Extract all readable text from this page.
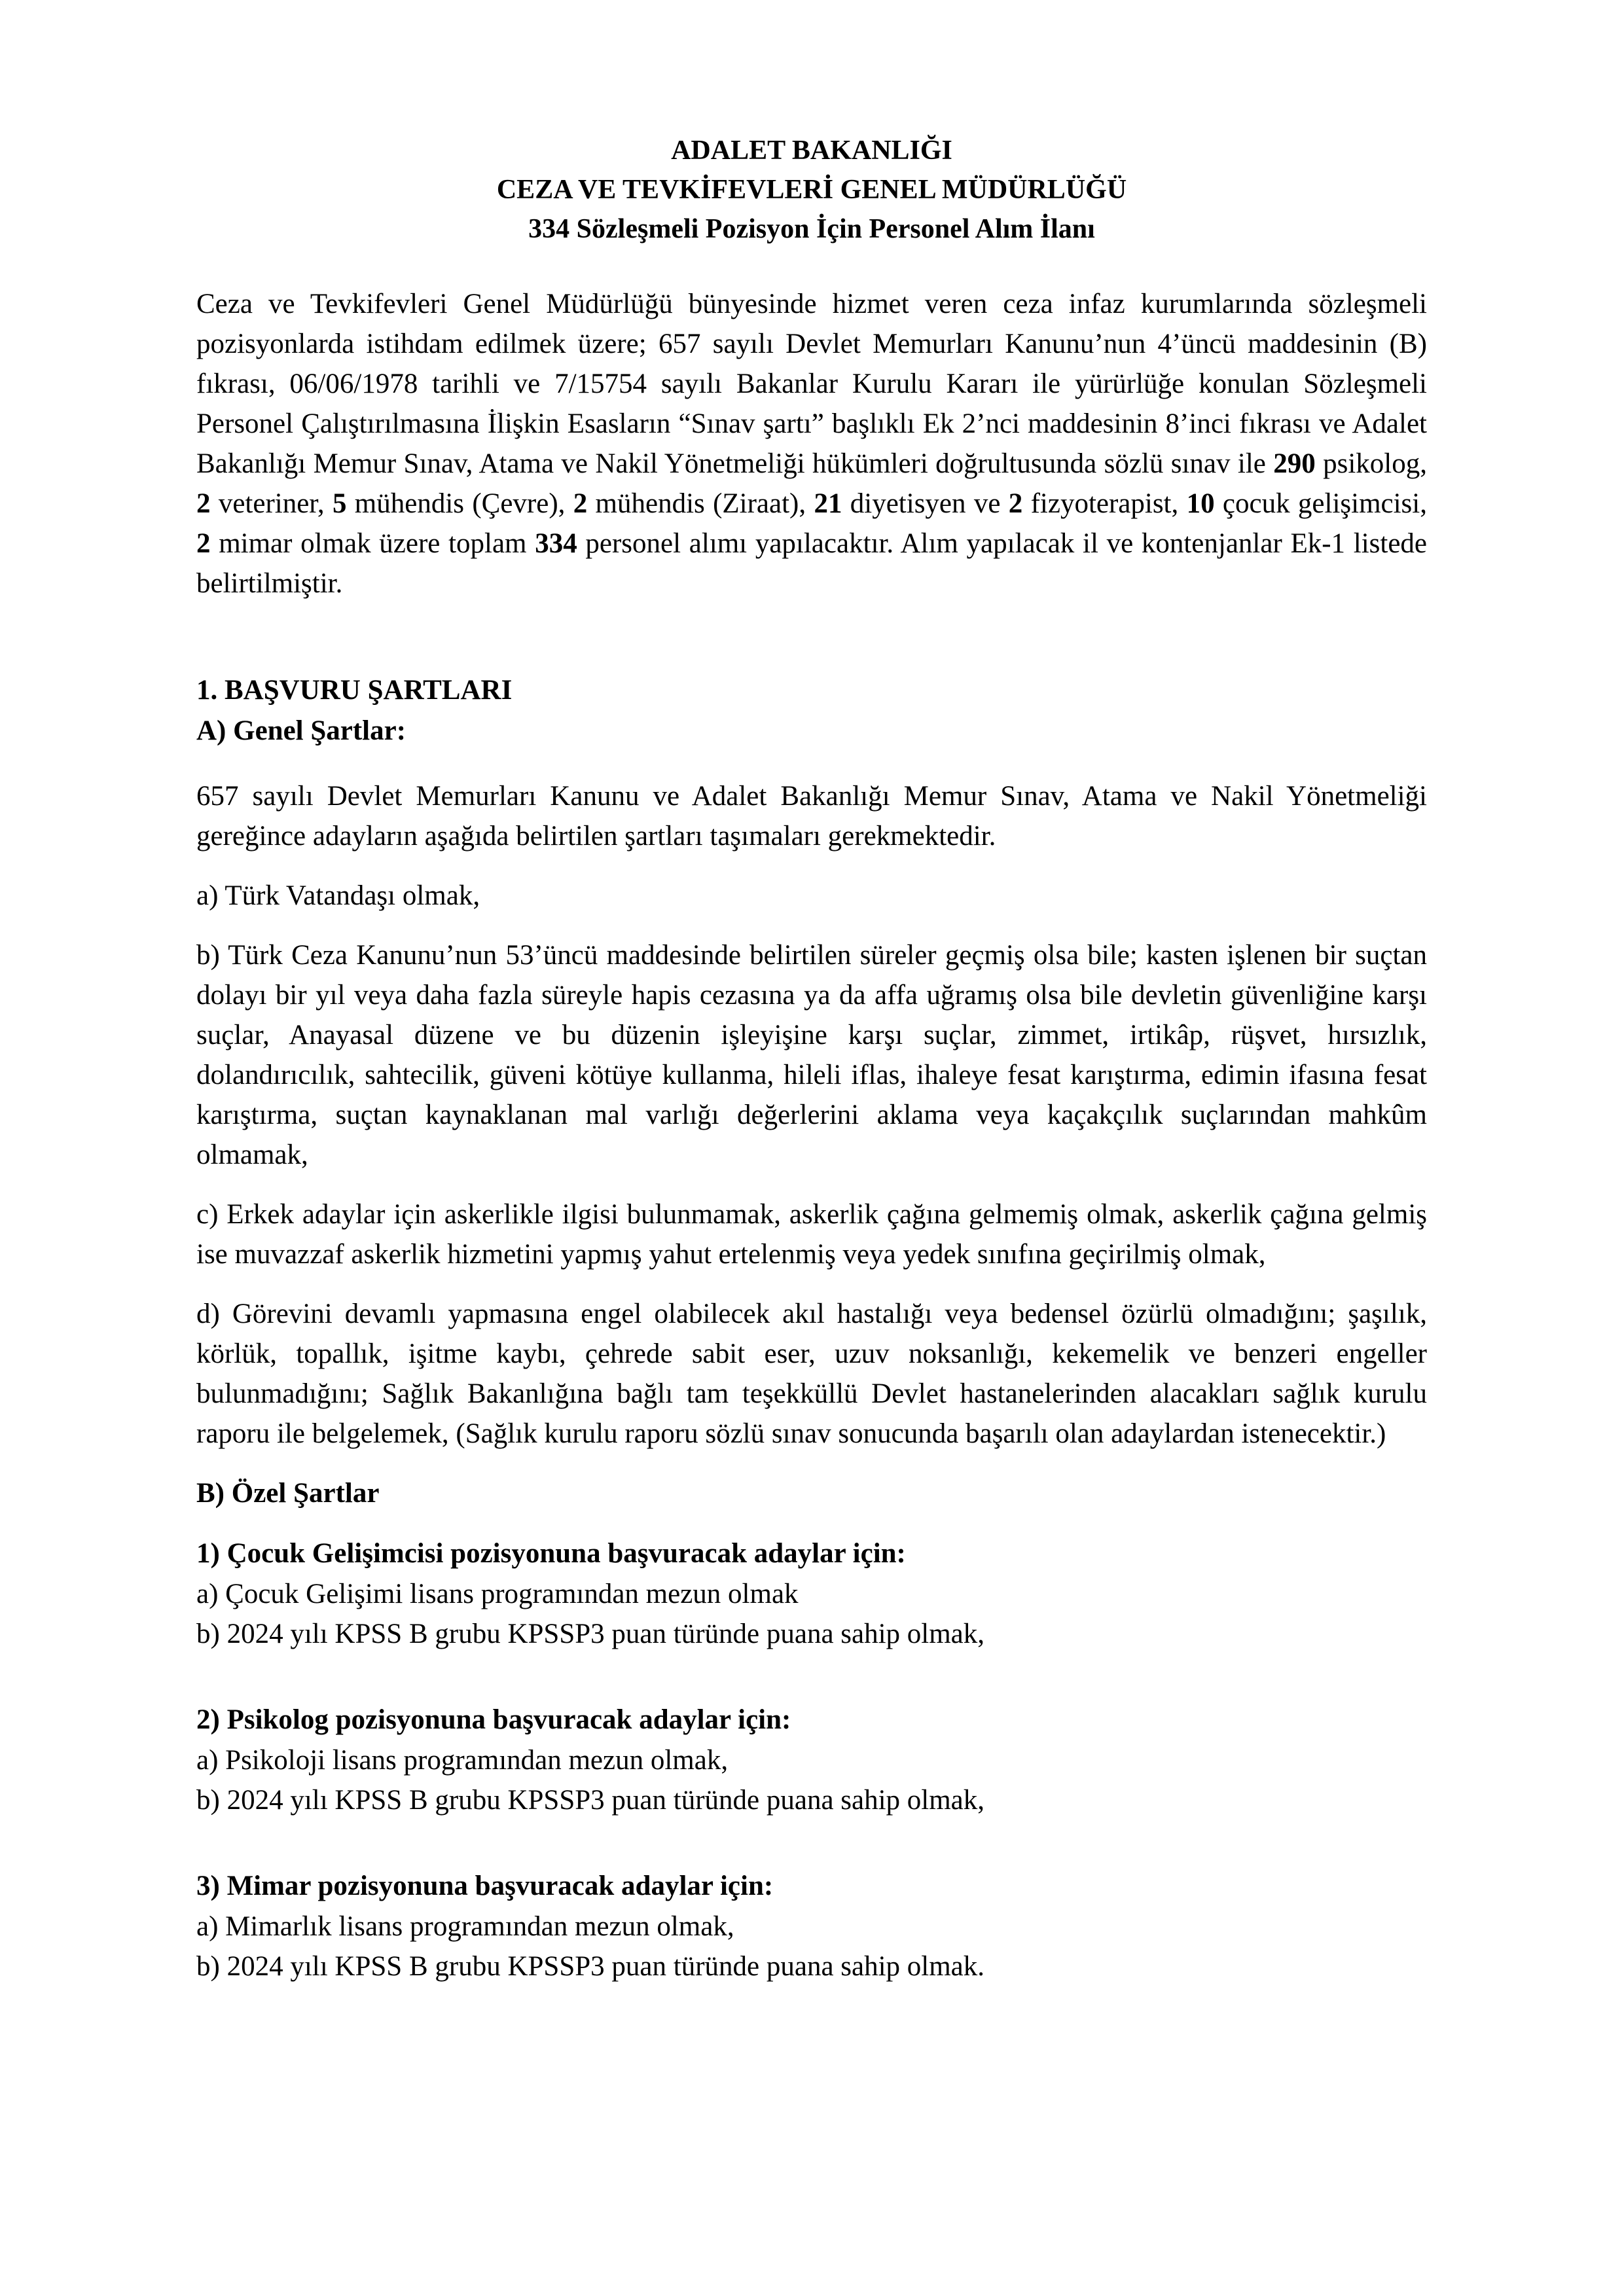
ADALET BAKANLIĞI

CEZA VE TEVKİFEVLERİ GENEL MÜDÜRLÜĞÜ

334 Sözleşmeli Pozisyon İçin Personel Alım İlanı

Ceza ve Tevkifevleri Genel Müdürlüğü bünyesinde hizmet veren ceza infaz kurumlarında sözleşmeli pozisyonlarda istihdam edilmek üzere; 657 sayılı Devlet Memurları Kanunu’nun 4’üncü maddesinin (B) fıkrası, 06/06/1978 tarihli ve 7/15754 sayılı Bakanlar Kurulu Kararı ile yürürlüğe konulan Sözleşmeli Personel Çalıştırılmasına İlişkin Esasların “Sınav şartı” başlıklı Ek 2’nci maddesinin 8’inci fıkrası ve Adalet Bakanlığı Memur Sınav, Atama ve Nakil Yönetmeliği hükümleri doğrultusunda sözlü sınav ile 290 psikolog, 2 veteriner, 5 mühendis (Çevre), 2 mühendis (Ziraat), 21 diyetisyen ve 2 fizyoterapist, 10 çocuk gelişimcisi, 2 mimar olmak üzere toplam 334 personel alımı yapılacaktır. Alım yapılacak il ve kontenjanlar Ek-1 listede belirtilmiştir.

1. BAŞVURU ŞARTLARI

A) Genel Şartlar:

657 sayılı Devlet Memurları Kanunu ve Adalet Bakanlığı Memur Sınav, Atama ve Nakil Yönetmeliği gereğince adayların aşağıda belirtilen şartları taşımaları gerekmektedir.

a) Türk Vatandaşı olmak,

b) Türk Ceza Kanunu’nun 53’üncü maddesinde belirtilen süreler geçmiş olsa bile; kasten işlenen bir suçtan dolayı bir yıl veya daha fazla süreyle hapis cezasına ya da affa uğramış olsa bile devletin güvenliğine karşı suçlar, Anayasal düzene ve bu düzenin işleyişine karşı suçlar, zimmet, irtikâp, rüşvet, hırsızlık, dolandırıcılık, sahtecilik, güveni kötüye kullanma, hileli iflas, ihaleye fesat karıştırma, edimin ifasına fesat karıştırma, suçtan kaynaklanan mal varlığı değerlerini aklama veya kaçakçılık suçlarından mahkûm olmamak,

c) Erkek adaylar için askerlikle ilgisi bulunmamak, askerlik çağına gelmemiş olmak, askerlik çağına gelmiş ise muvazzaf askerlik hizmetini yapmış yahut ertelenmiş veya yedek sınıfına geçirilmiş olmak,

d) Görevini devamlı yapmasına engel olabilecek akıl hastalığı veya bedensel özürlü olmadığını; şaşılık, körlük, topallık, işitme kaybı, çehrede sabit eser, uzuv noksanlığı, kekemelik ve benzeri engeller bulunmadığını; Sağlık Bakanlığına bağlı tam teşekküllü Devlet hastanelerinden alacakları sağlık kurulu raporu ile belgelemek, (Sağlık kurulu raporu sözlü sınav sonucunda başarılı olan adaylardan istenecektir.)

B) Özel Şartlar

1) Çocuk Gelişimcisi pozisyonuna başvuracak adaylar için:

a) Çocuk Gelişimi lisans programından mezun olmak

b) 2024 yılı KPSS B grubu KPSSP3 puan türünde puana sahip olmak,

2) Psikolog pozisyonuna başvuracak adaylar için:

a) Psikoloji lisans programından mezun olmak,

b) 2024 yılı KPSS B grubu KPSSP3 puan türünde puana sahip olmak,

3) Mimar pozisyonuna başvuracak adaylar için:

a) Mimarlık lisans programından mezun olmak,

b) 2024 yılı KPSS B grubu KPSSP3 puan türünde puana sahip olmak.
